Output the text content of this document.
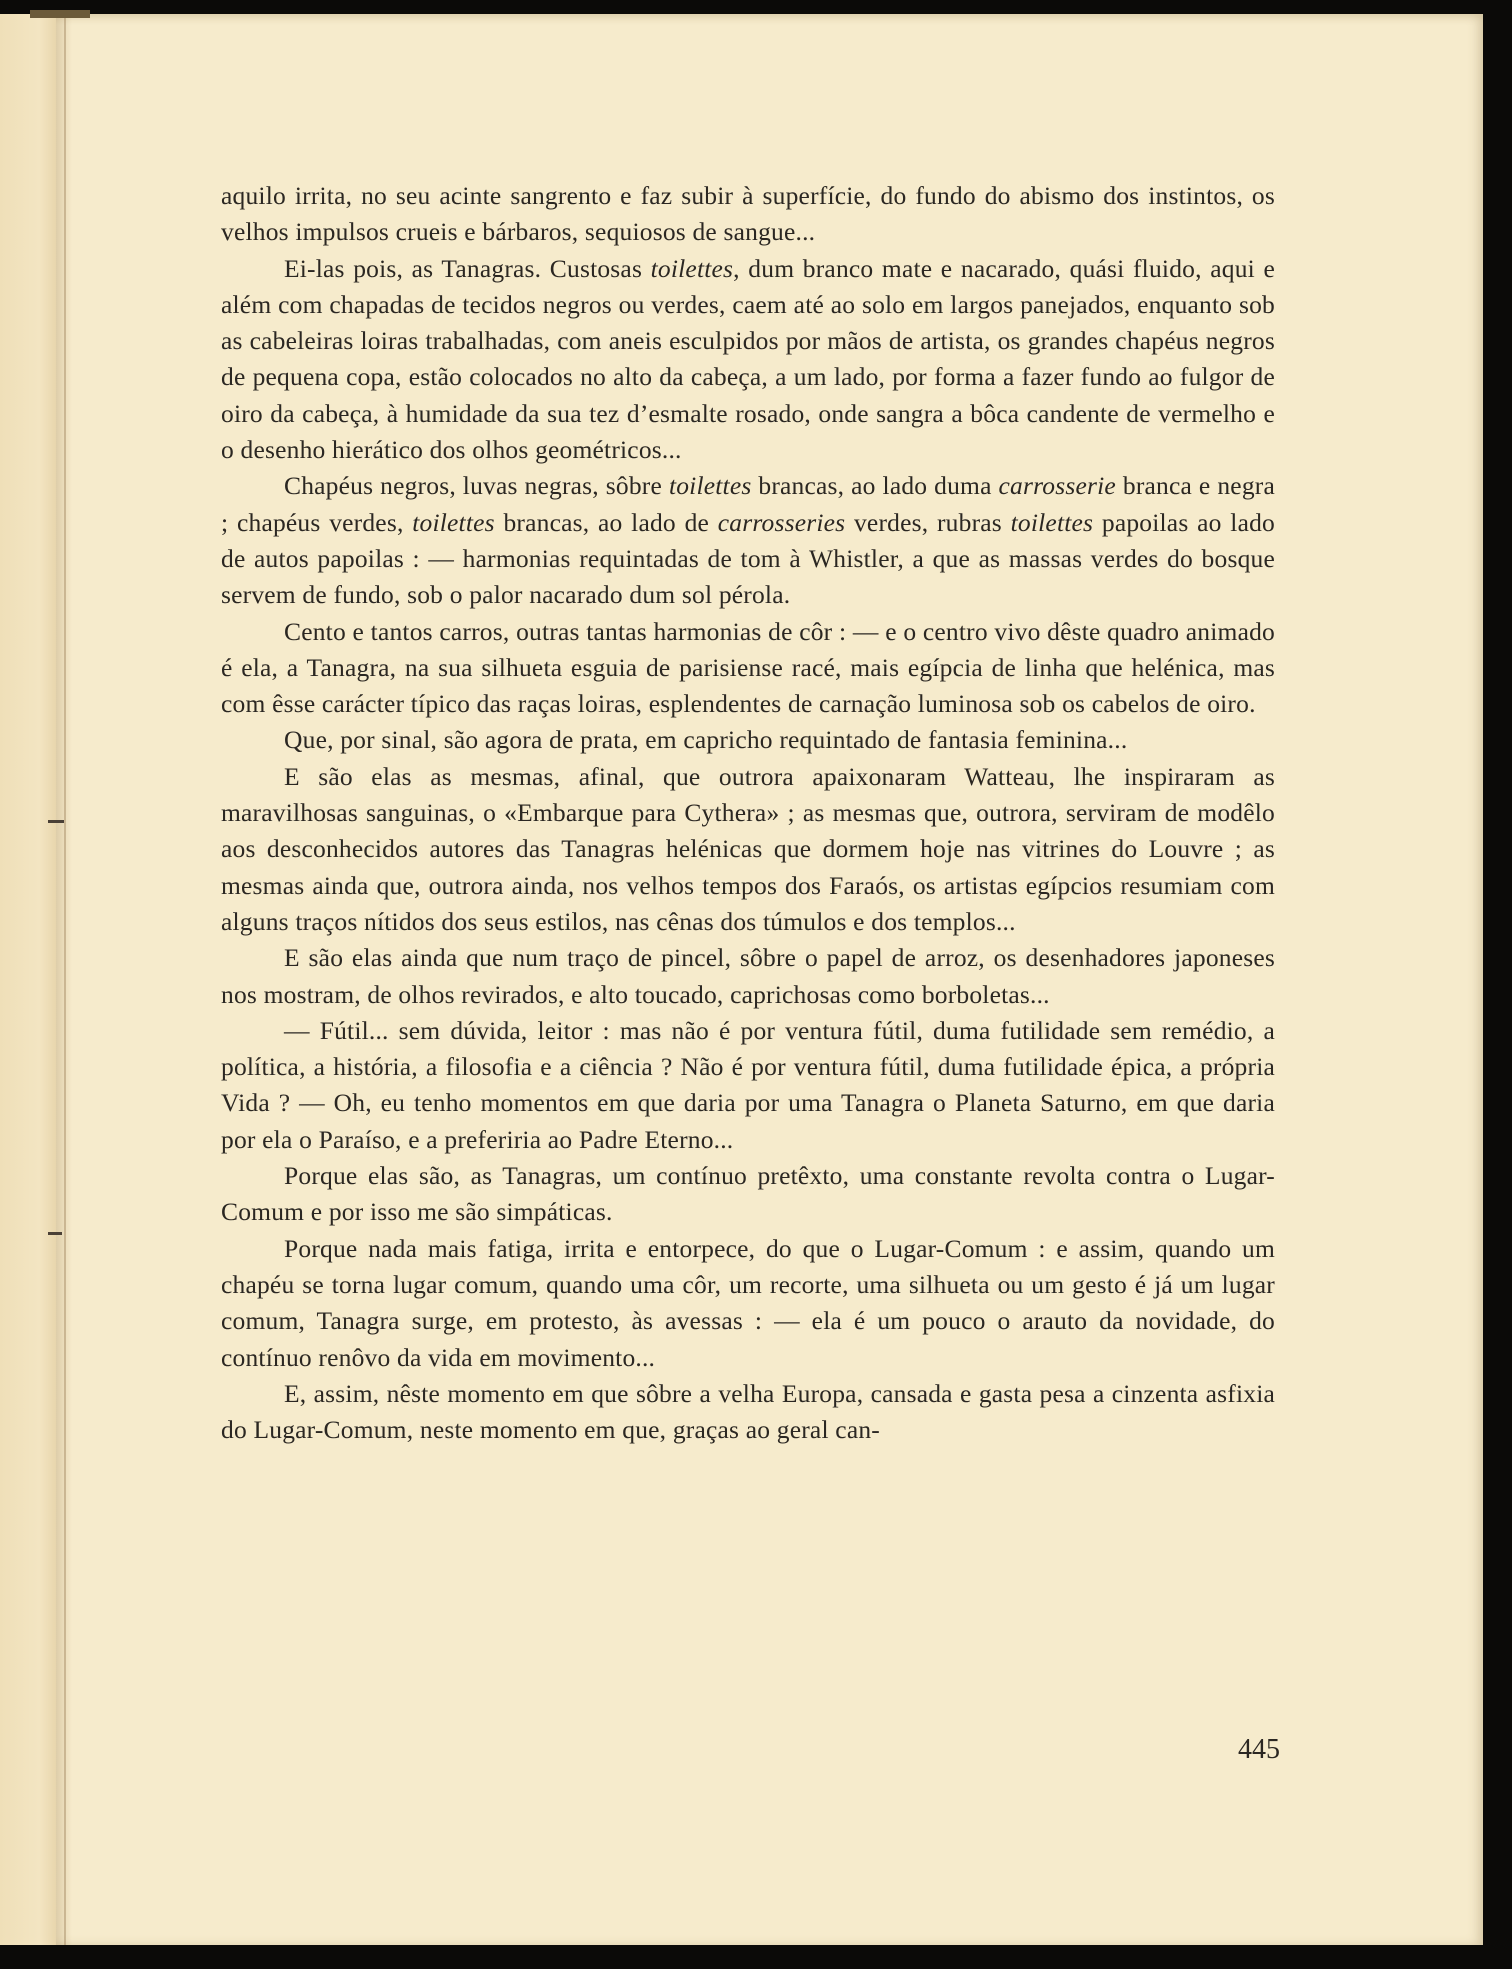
aquilo irrita, no seu acinte sangrento e faz subir à superfície, do fundo do abismo dos instintos, os velhos impulsos crueis e bárbaros, sequiosos de sangue...

Ei-las pois, as Tanagras. Custosas toilettes, dum branco mate e nacarado, quási fluido, aqui e além com chapadas de tecidos negros ou verdes, caem até ao solo em largos panejados, enquanto sob as cabeleiras loiras trabalhadas, com aneis esculpidos por mãos de artista, os grandes chapéus negros de pequena copa, estão colocados no alto da cabeça, a um lado, por forma a fazer fundo ao fulgor de oiro da cabeça, à humidade da sua tez d’esmalte rosado, onde sangra a bôca candente de vermelho e o desenho hierático dos olhos geométricos...

Chapéus negros, luvas negras, sôbre toilettes brancas, ao lado duma carrosserie branca e negra ; chapéus verdes, toilettes brancas, ao lado de carrosseries verdes, rubras toilettes papoilas ao lado de autos papoilas : — harmonias requintadas de tom à Whistler, a que as massas verdes do bosque servem de fundo, sob o palor nacarado dum sol pérola.

Cento e tantos carros, outras tantas harmonias de côr : — e o centro vivo dêste quadro animado é ela, a Tanagra, na sua silhueta esguia de parisiense racé, mais egípcia de linha que helénica, mas com êsse carácter típico das raças loiras, esplendentes de carnação luminosa sob os cabelos de oiro.

Que, por sinal, são agora de prata, em capricho requintado de fantasia feminina...

E são elas as mesmas, afinal, que outrora apaixonaram Watteau, lhe inspiraram as maravilhosas sanguinas, o «Embarque para Cythera» ; as mesmas que, outrora, serviram de modêlo aos desconhecidos autores das Tanagras helénicas que dormem hoje nas vitrines do Louvre ; as mesmas ainda que, outrora ainda, nos velhos tempos dos Faraós, os artistas egípcios resumiam com alguns traços nítidos dos seus estilos, nas cênas dos túmulos e dos templos...

E são elas ainda que num traço de pincel, sôbre o papel de arroz, os desenhadores japoneses nos mostram, de olhos revirados, e alto toucado, caprichosas como borboletas...

— Fútil... sem dúvida, leitor : mas não é por ventura fútil, duma futilidade sem remédio, a política, a história, a filosofia e a ciência ? Não é por ventura fútil, duma futilidade épica, a própria Vida ? — Oh, eu tenho momentos em que daria por uma Tanagra o Planeta Saturno, em que daria por ela o Paraíso, e a preferiria ao Padre Eterno...

Porque elas são, as Tanagras, um contínuo pretêxto, uma constante revolta contra o Lugar-Comum e por isso me são simpáticas.

Porque nada mais fatiga, irrita e entorpece, do que o Lugar-Comum : e assim, quando um chapéu se torna lugar comum, quando uma côr, um recorte, uma silhueta ou um gesto é já um lugar comum, Tanagra surge, em protesto, às avessas : — ela é um pouco o arauto da novidade, do contínuo renôvo da vida em movimento...

E, assim, nêste momento em que sôbre a velha Europa, cansada e gasta pesa a cinzenta asfixia do Lugar-Comum, neste momento em que, graças ao geral can-

445
